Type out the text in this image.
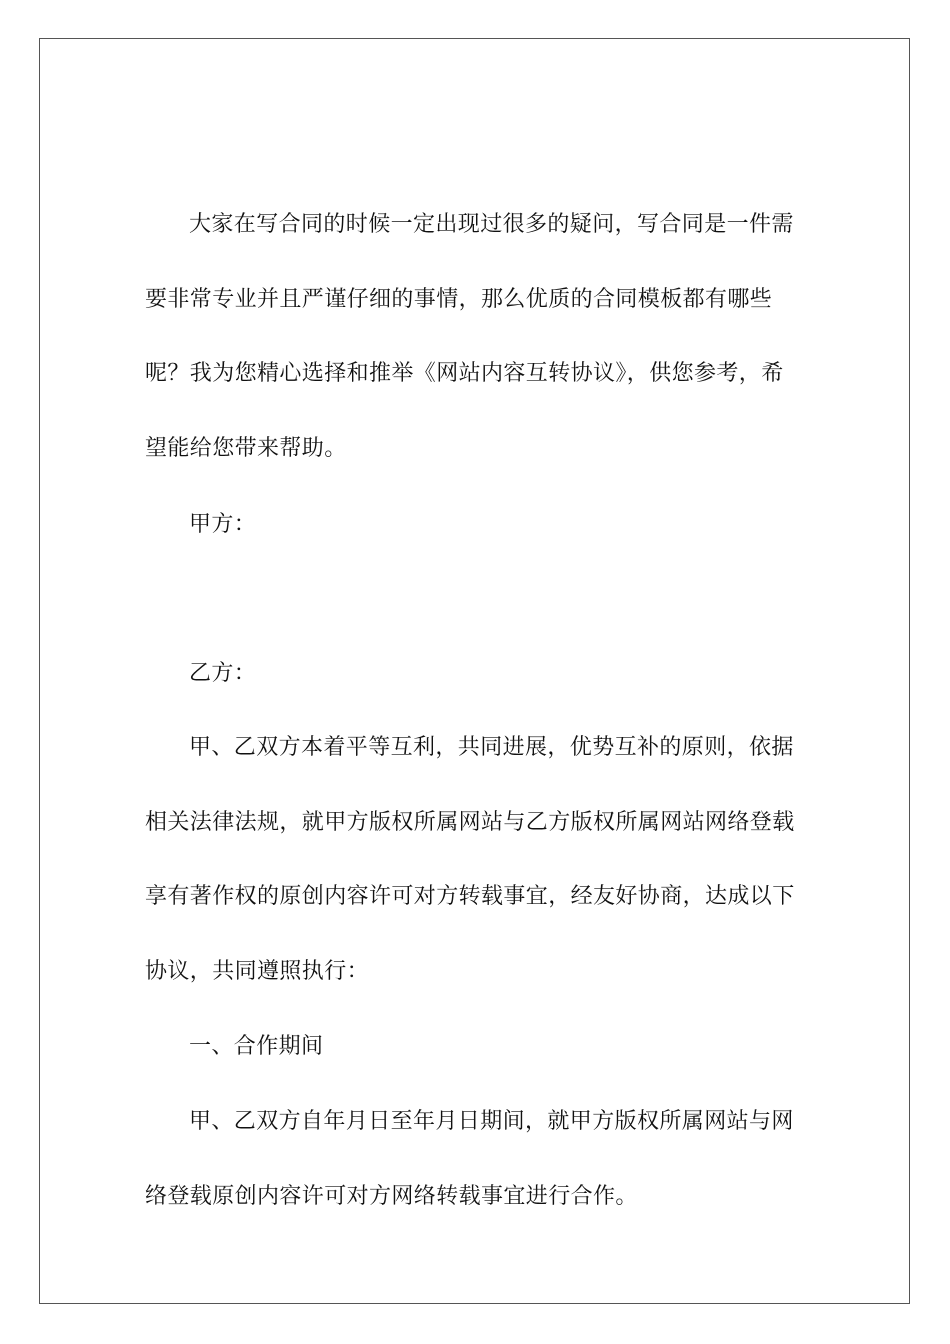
大家在写合同的时候一定出现过很多的疑问，写合同是一件需要非常专业并且严谨仔细的事情，那么优质的合同模板都有哪些呢？我为您精心选择和推举《网站内容互转协议》，供您参考，希望能给您带来帮助。

甲方：

乙方：

甲、乙双方本着平等互利，共同进展，优势互补的原则，依据相关法律法规，就甲方版权所属网站与乙方版权所属网站网络登载享有著作权的原创内容许可对方转载事宜，经友好协商，达成以下协议，共同遵照执行：

一、合作期间

甲、乙双方自年月日至年月日期间，就甲方版权所属网站与网络登载原创内容许可对方网络转载事宜进行合作。
